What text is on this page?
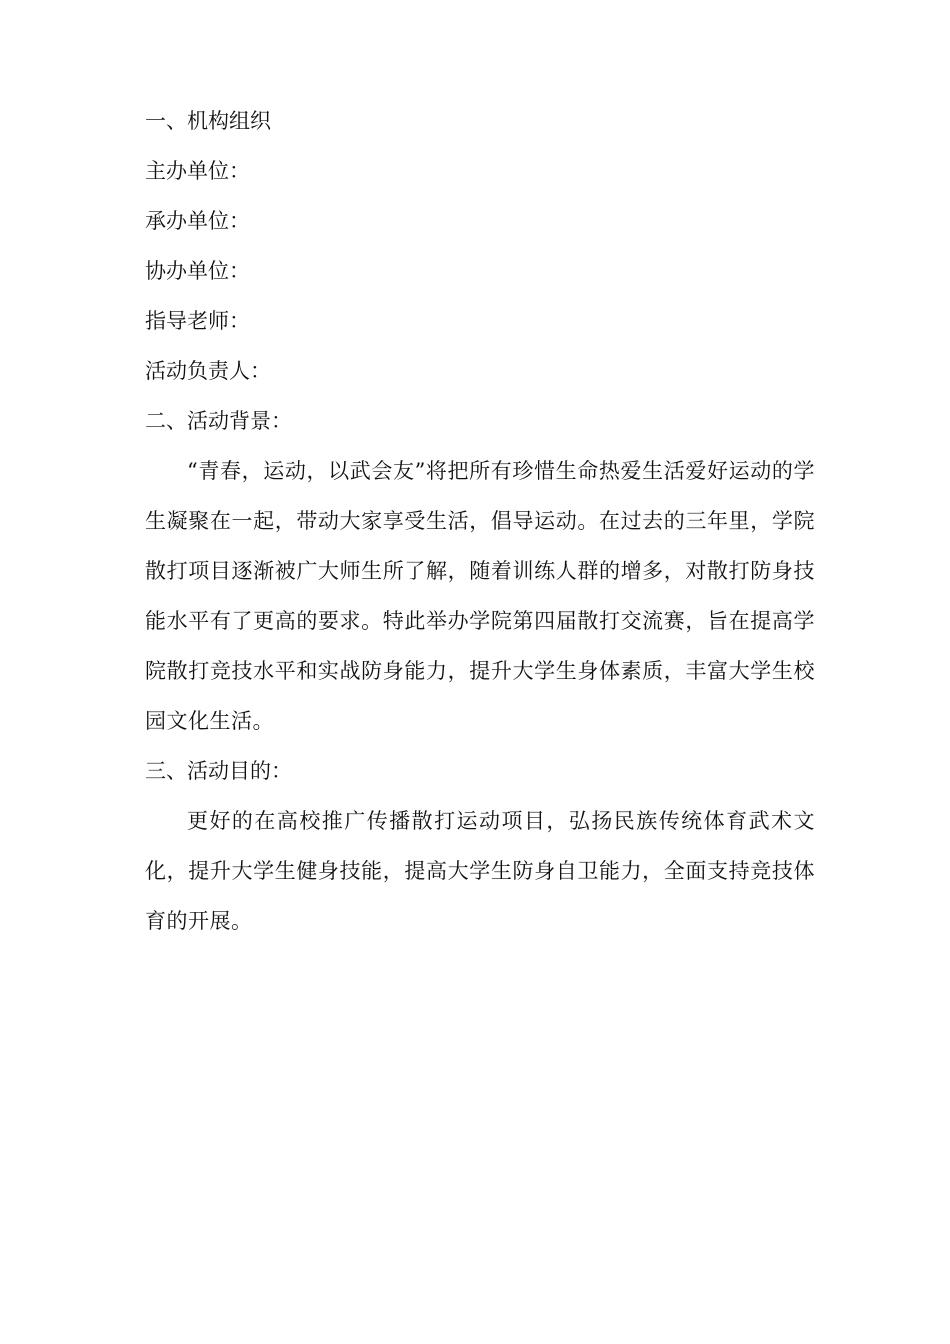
一、机构组织
主办单位：
承办单位：
协办单位：
指导老师：
活动负责人：
二、活动背景：

“青春，运动，以武会友”将把所有珍惜生命热爱生活爱好运动的学生凝聚在一起，带动大家享受生活，倡导运动。在过去的三年里，学院散打项目逐渐被广大师生所了解，随着训练人群的增多，对散打防身技能水平有了更高的要求。特此举办学院第四届散打交流赛，旨在提高学院散打竞技水平和实战防身能力，提升大学生身体素质，丰富大学生校园文化生活。

三、活动目的：

更好的在高校推广传播散打运动项目，弘扬民族传统体育武术文化，提升大学生健身技能，提高大学生防身自卫能力，全面支持竞技体育的开展。
